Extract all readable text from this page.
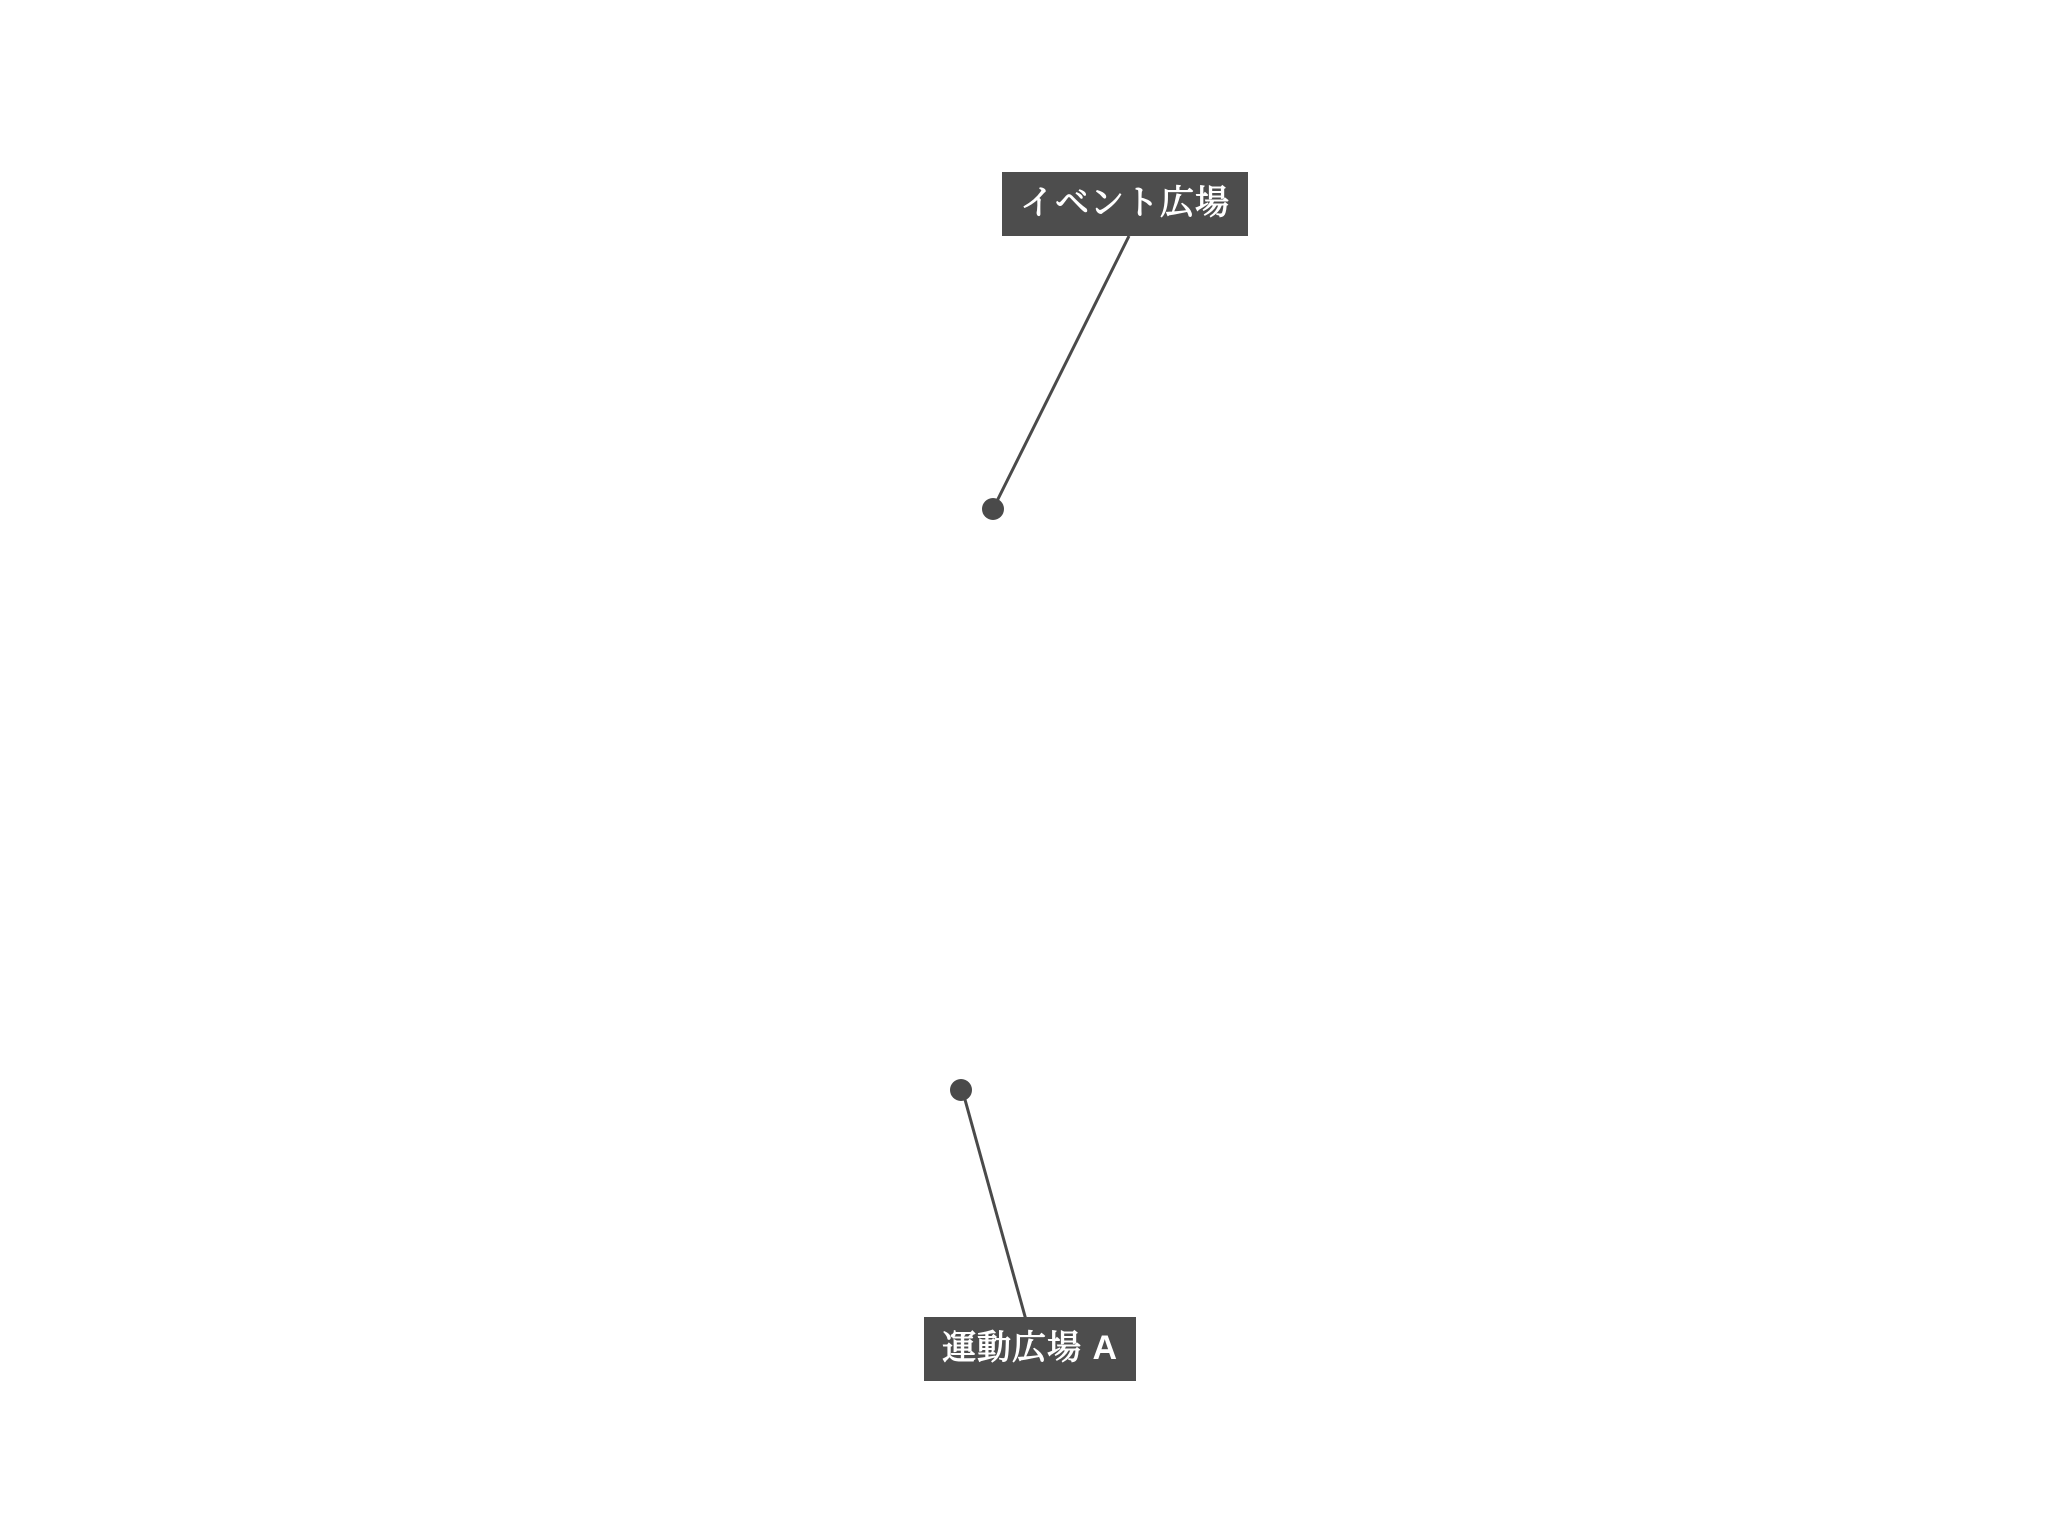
イベント広場
運動広場 A
